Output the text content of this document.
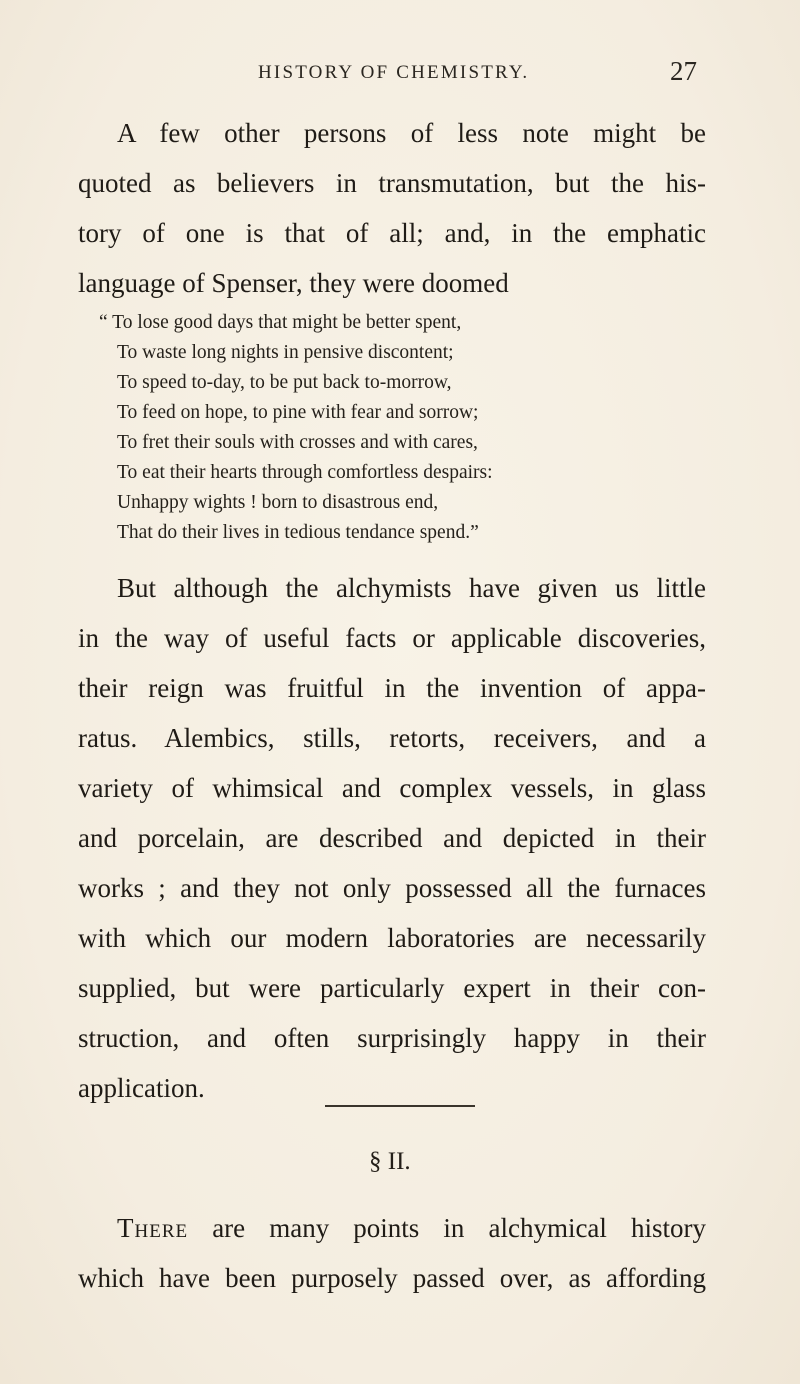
HISTORY OF CHEMISTRY.	27
A few other persons of less note might be
quoted as believers in transmutation, but the his-
tory of one is that of all; and, in the emphatic
language of Spenser, they were doomed
“ To lose good days that might be better spent,
To waste long nights in pensive discontent;
To speed to-day, to be put back to-morrow,
To feed on hope, to pine with fear and sorrow;
To fret their souls with crosses and with cares,
To eat their hearts through comfortless despairs:
Unhappy wights ! born to disastrous end,
That do their lives in tedious tendance spend.”
But although the alchymists have given us little
in the way of useful facts or applicable discoveries,
their reign was fruitful in the invention of appa-
ratus. Alembics, stills, retorts, receivers, and a
variety of whimsical and complex vessels, in glass
and porcelain, are described and depicted in their
works ; and they not only possessed all the furnaces
with which our modern laboratories are necessarily
supplied, but were particularly expert in their con-
struction, and often surprisingly happy in their
application.
§ II.
There are many points in alchymical history
which have been purposely passed over, as affording
